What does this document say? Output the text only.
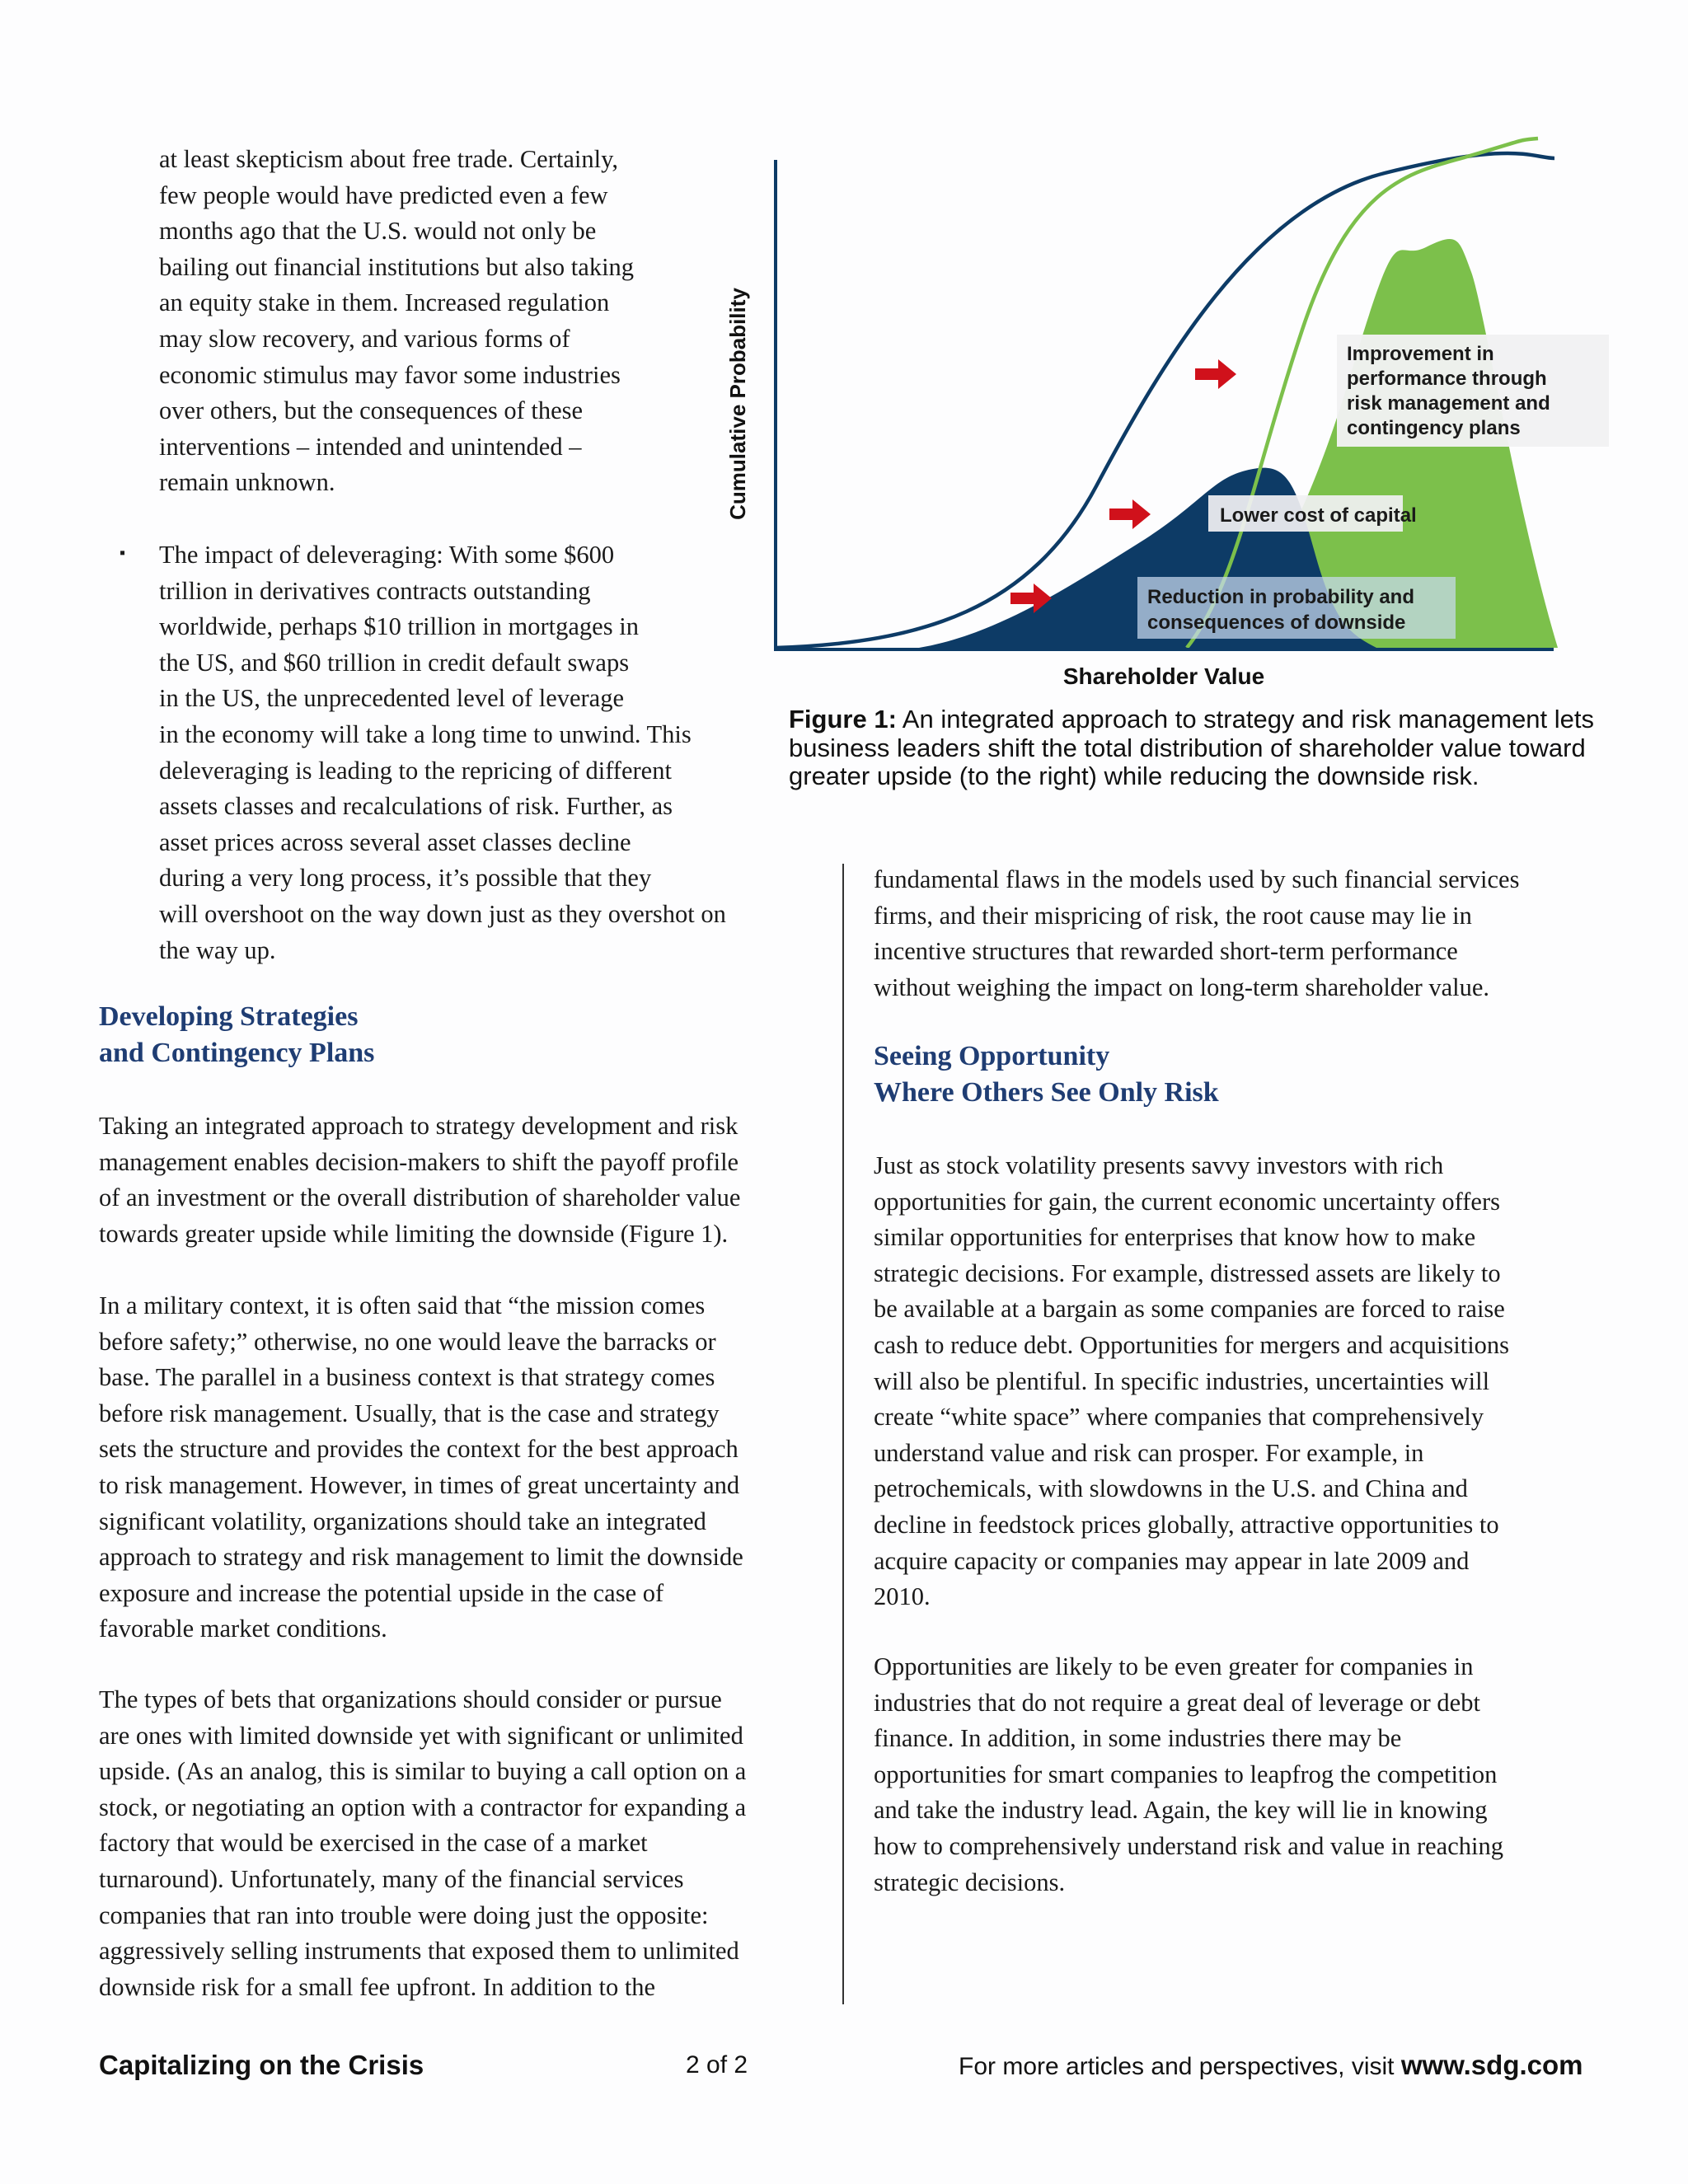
at least skepticism about free trade. Certainly,
few people would have predicted even a few
months ago that the U.S. would not only be
bailing out financial institutions but also taking
an equity stake in them. Increased regulation
may slow recovery, and various forms of
economic stimulus may favor some industries
over others, but the consequences of these
interventions – intended and unintended –
remain unknown.
▪ The impact of deleveraging: With some $600
trillion in derivatives contracts outstanding
worldwide, perhaps $10 trillion in mortgages in
the US, and $60 trillion in credit default swaps
in the US, the unprecedented level of leverage
in the economy will take a long time to unwind. This
deleveraging is leading to the repricing of different
assets classes and recalculations of risk. Further, as
asset prices across several asset classes decline
during a very long process, it’s possible that they
will overshoot on the way down just as they overshot on
the way up.
Developing Strategies
and Contingency Plans
Taking an integrated approach to strategy development and risk
management enables decision-makers to shift the payoff profile
of an investment or the overall distribution of shareholder value
towards greater upside while limiting the downside (Figure 1).
In a military context, it is often said that “the mission comes
before safety;” otherwise, no one would leave the barracks or
base. The parallel in a business context is that strategy comes
before risk management. Usually, that is the case and strategy
sets the structure and provides the context for the best approach
to risk management. However, in times of great uncertainty and
significant volatility, organizations should take an integrated
approach to strategy and risk management to limit the downside
exposure and increase the potential upside in the case of
favorable market conditions.
The types of bets that organizations should consider or pursue
are ones with limited downside yet with significant or unlimited
upside. (As an analog, this is similar to buying a call option on a
stock, or negotiating an option with a contractor for expanding a
factory that would be exercised in the case of a market
turnaround). Unfortunately, many of the financial services
companies that ran into trouble were doing just the opposite:
aggressively selling instruments that exposed them to unlimited
downside risk for a small fee upfront. In addition to the
fundamental flaws in the models used by such financial services
firms, and their mispricing of risk, the root cause may lie in
incentive structures that rewarded short-term performance
without weighing the impact on long-term shareholder value.
Seeing Opportunity
Where Others See Only Risk
Just as stock volatility presents savvy investors with rich
opportunities for gain, the current economic uncertainty offers
similar opportunities for enterprises that know how to make
strategic decisions. For example, distressed assets are likely to
be available at a bargain as some companies are forced to raise
cash to reduce debt. Opportunities for mergers and acquisitions
will also be plentiful. In specific industries, uncertainties will
create “white space” where companies that comprehensively
understand value and risk can prosper. For example, in
petrochemicals, with slowdowns in the U.S. and China and
decline in feedstock prices globally, attractive opportunities to
acquire capacity or companies may appear in late 2009 and
2010.
Opportunities are likely to be even greater for companies in
industries that do not require a great deal of leverage or debt
finance. In addition, in some industries there may be
opportunities for smart companies to leapfrog the competition
and take the industry lead. Again, the key will lie in knowing
how to comprehensively understand risk and value in reaching
strategic decisions.
Cumulative Probability	Improvement in performance through risk management and contingency plans
Lower cost of capital
Reduction in probability and consequences of downside
Shareholder Value
Figure 1: An integrated approach to strategy and risk management lets business leaders shift the total distribution of shareholder value toward greater upside (to the right) while reducing the downside risk.
Capitalizing on the Crisis	2 of 2	For more articles and perspectives, visit www.sdg.com
